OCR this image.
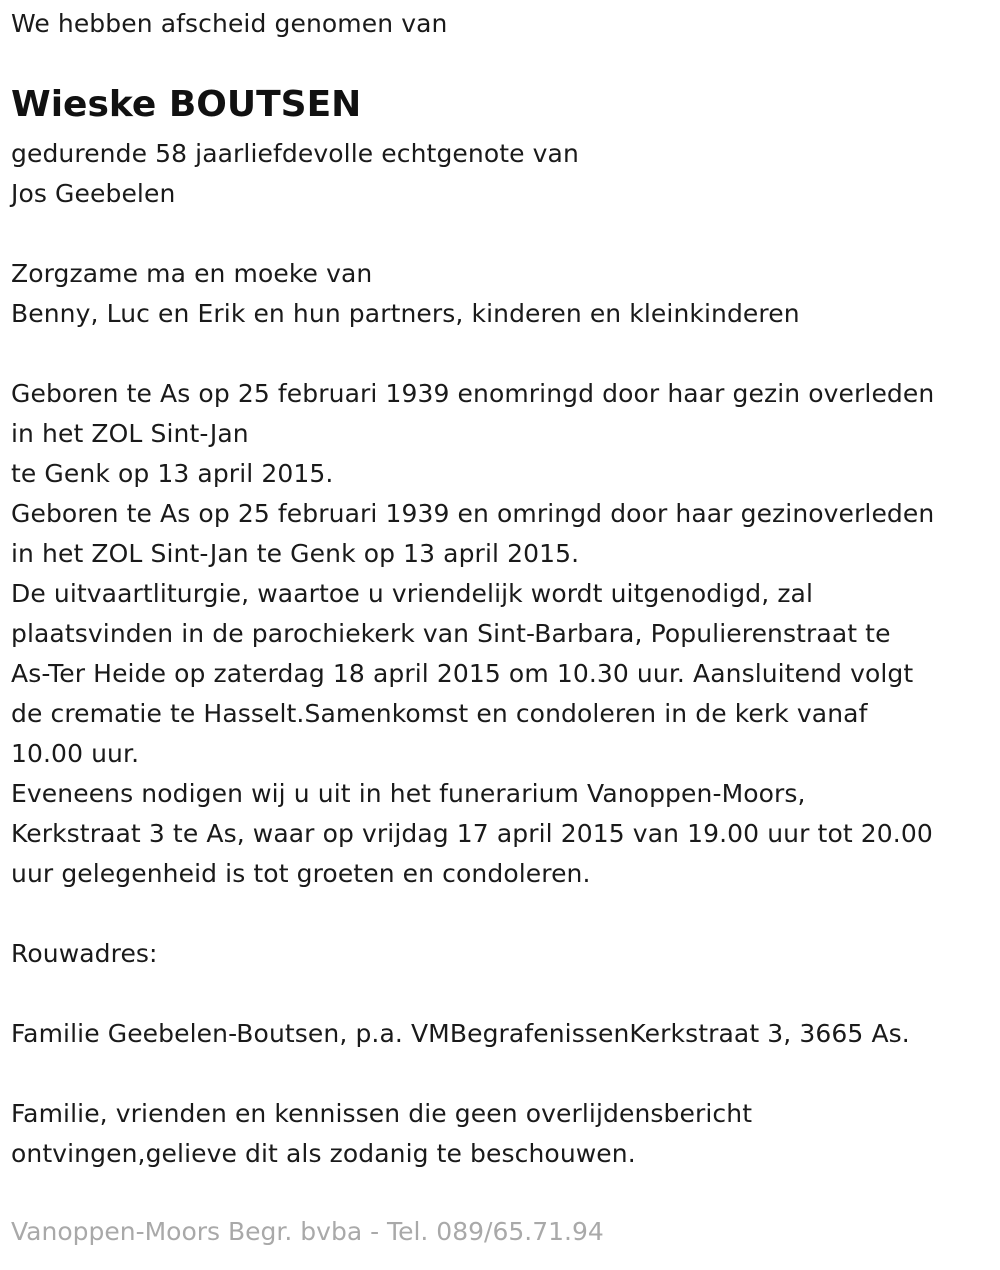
We hebben afscheid genomen van
Wieske BOUTSEN
gedurende 58 jaarliefdevolle echtgenote van
Jos Geebelen
Zorgzame ma en moeke van
Benny, Luc en Erik en hun partners, kinderen en kleinkinderen
Geboren te As op 25 februari 1939 enomringd door haar gezin overleden
in het ZOL Sint-Jan
te Genk op 13 april 2015.
Geboren te As op 25 februari 1939 en omringd door haar gezinoverleden
in het ZOL Sint-Jan te Genk op 13 april 2015.
De uitvaartliturgie, waartoe u vriendelijk wordt uitgenodigd, zal
plaatsvinden in de parochiekerk van Sint-Barbara, Populierenstraat te
As-Ter Heide op zaterdag 18 april 2015 om 10.30 uur. Aansluitend volgt
de crematie te Hasselt.Samenkomst en condoleren in de kerk vanaf
10.00 uur.
Eveneens nodigen wij u uit in het funerarium Vanoppen-Moors,
Kerkstraat 3 te As, waar op vrijdag 17 april 2015 van 19.00 uur tot 20.00
uur gelegenheid is tot groeten en condoleren.
Rouwadres:
Familie Geebelen-Boutsen, p.a. VMBegrafenissenKerkstraat 3, 3665 As.
Familie, vrienden en kennissen die geen overlijdensbericht
ontvingen,gelieve dit als zodanig te beschouwen.
Vanoppen-Moors Begr. bvba - Tel. 089/65.71.94
